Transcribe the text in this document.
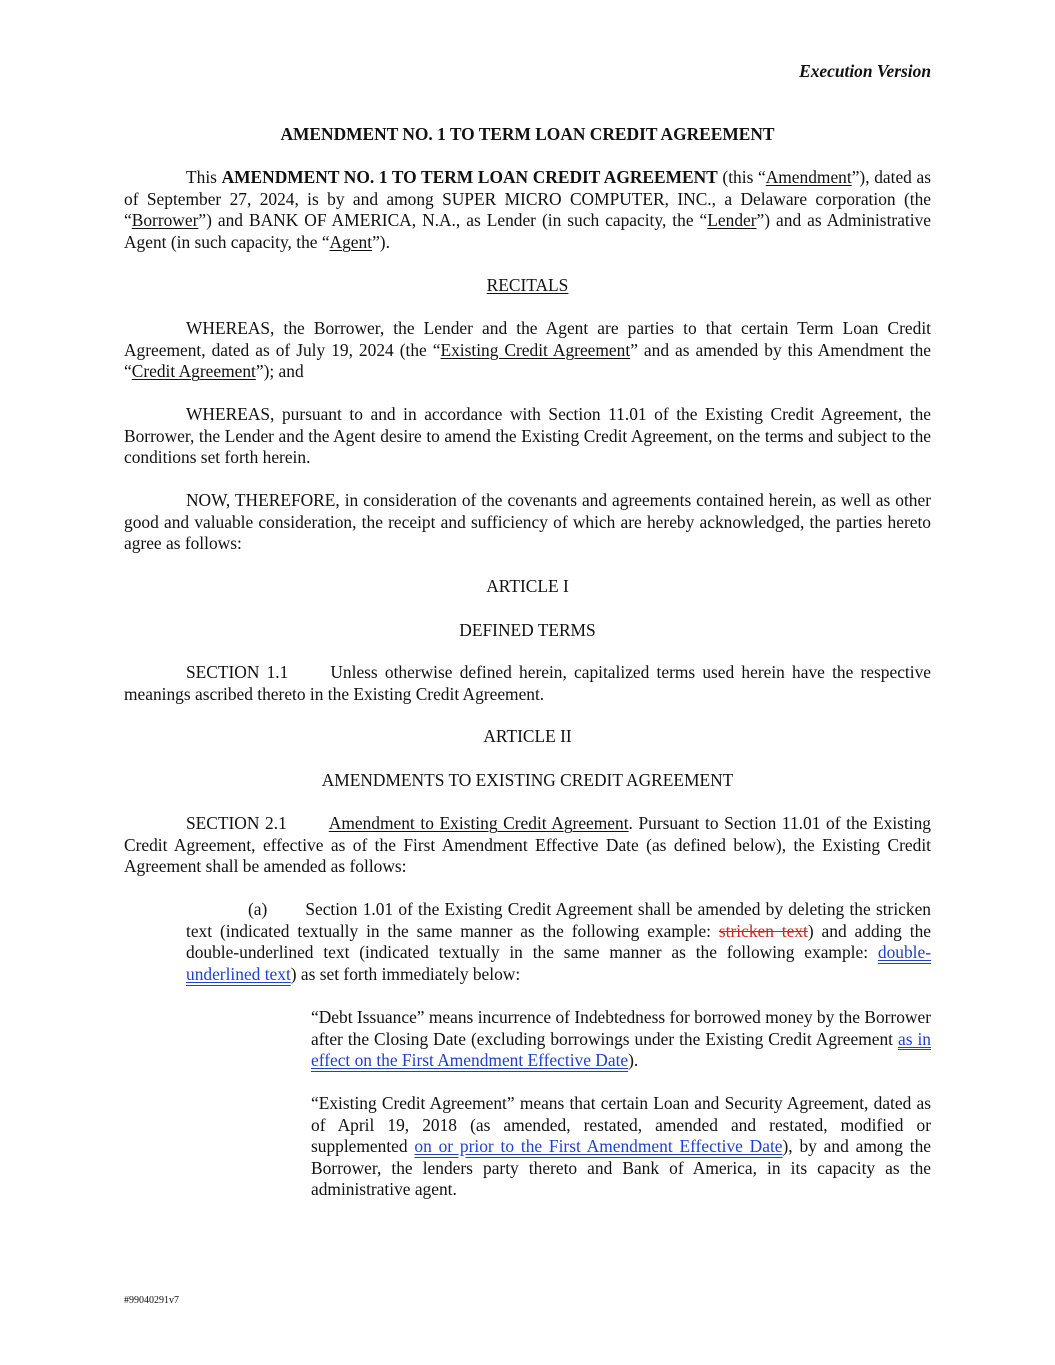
Execution Version

AMENDMENT NO. 1 TO TERM LOAN CREDIT AGREEMENT

This AMENDMENT NO. 1 TO TERM LOAN CREDIT AGREEMENT (this “Amendment”), dated as of September 27, 2024, is by and among SUPER MICRO COMPUTER, INC., a Delaware corporation (the “Borrower”) and BANK OF AMERICA, N.A., as Lender (in such capacity, the “Lender”) and as Administrative Agent (in such capacity, the “Agent”).

RECITALS

WHEREAS, the Borrower, the Lender and the Agent are parties to that certain Term Loan Credit Agreement, dated as of July 19, 2024 (the “Existing Credit Agreement” and as amended by this Amendment the “Credit Agreement”); and

WHEREAS, pursuant to and in accordance with Section 11.01 of the Existing Credit Agreement, the Borrower, the Lender and the Agent desire to amend the Existing Credit Agreement, on the terms and subject to the conditions set forth herein.

NOW, THEREFORE, in consideration of the covenants and agreements contained herein, as well as other good and valuable consideration, the receipt and sufficiency of which are hereby acknowledged, the parties hereto agree as follows:

ARTICLE I

DEFINED TERMS

SECTION 1.1 Unless otherwise defined herein, capitalized terms used herein have the respective meanings ascribed thereto in the Existing Credit Agreement.

ARTICLE II

AMENDMENTS TO EXISTING CREDIT AGREEMENT

SECTION 2.1 Amendment to Existing Credit Agreement. Pursuant to Section 11.01 of the Existing Credit Agreement, effective as of the First Amendment Effective Date (as defined below), the Existing Credit Agreement shall be amended as follows:

(a) Section 1.01 of the Existing Credit Agreement shall be amended by deleting the stricken text (indicated textually in the same manner as the following example: stricken text) and adding the double-underlined text (indicated textually in the same manner as the following example: double-underlined text) as set forth immediately below:

“Debt Issuance” means incurrence of Indebtedness for borrowed money by the Borrower after the Closing Date (excluding borrowings under the Existing Credit Agreement as in effect on the First Amendment Effective Date).

“Existing Credit Agreement” means that certain Loan and Security Agreement, dated as of April 19, 2018 (as amended, restated, amended and restated, modified or supplemented on or prior to the First Amendment Effective Date), by and among the Borrower, the lenders party thereto and Bank of America, in its capacity as the administrative agent.

#99040291v7
